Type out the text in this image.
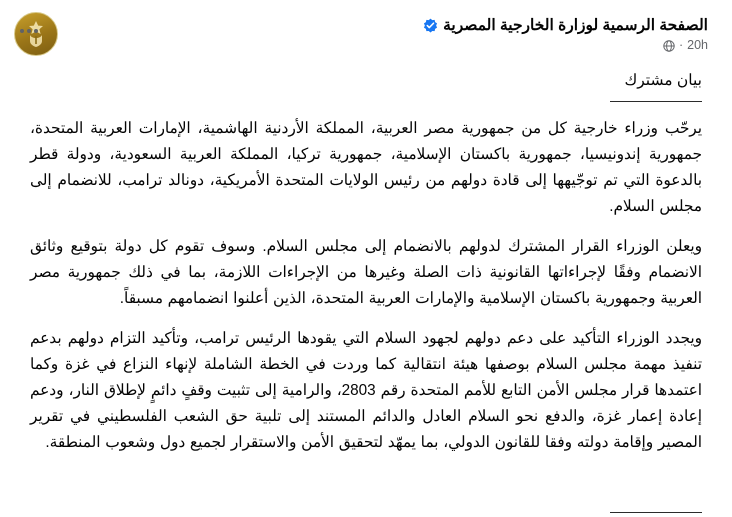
الصفحة الرسمية لوزارة الخارجية المصرية
20h
·
بيان مشترك

يرحّب وزراء خارجية كل من جمهورية مصر العربية، المملكة الأردنية الهاشمية، الإمارات العربية المتحدة، جمهورية إندونيسيا، جمهورية باكستان الإسلامية، جمهورية تركيا، المملكة العربية السعودية، ودولة قطر بالدعوة التي تم توجّيهها إلى قادة دولهم من رئيس الولايات المتحدة الأمريكية، دونالد ترامب، للانضمام إلى مجلس السلام.

ويعلن الوزراء القرار المشترك لدولهم بالانضمام إلى مجلس السلام. وسوف تقوم كل دولة بتوقيع وثائق الانضمام وفقًا لإجراءاتها القانونية ذات الصلة وغيرها من الإجراءات اللازمة، بما في ذلك جمهورية مصر العربية وجمهورية باكستان الإسلامية والإمارات العربية المتحدة، الذين أعلنوا انضمامهم مسبقاً.

ويجدد الوزراء التأكيد على دعم دولهم لجهود السلام التي يقودها الرئيس ترامب، وتأكيد التزام دولهم بدعم تنفيذ مهمة مجلس السلام بوصفها هيئة انتقالية كما وردت في الخطة الشاملة لإنهاء النزاع في غزة وكما اعتمدها قرار مجلس الأمن التابع للأمم المتحدة رقم 2803، والرامية إلى تثبيت وقفٍ دائمٍ لإطلاق النار، ودعم إعادة إعمار غزة، والدفع نحو السلام العادل والدائم المستند إلى تلبية حق الشعب الفلسطيني في تقرير المصير وإقامة دولته وفقا للقانون الدولي، بما يمهّد لتحقيق الأمن والاستقرار لجميع دول وشعوب المنطقة.
